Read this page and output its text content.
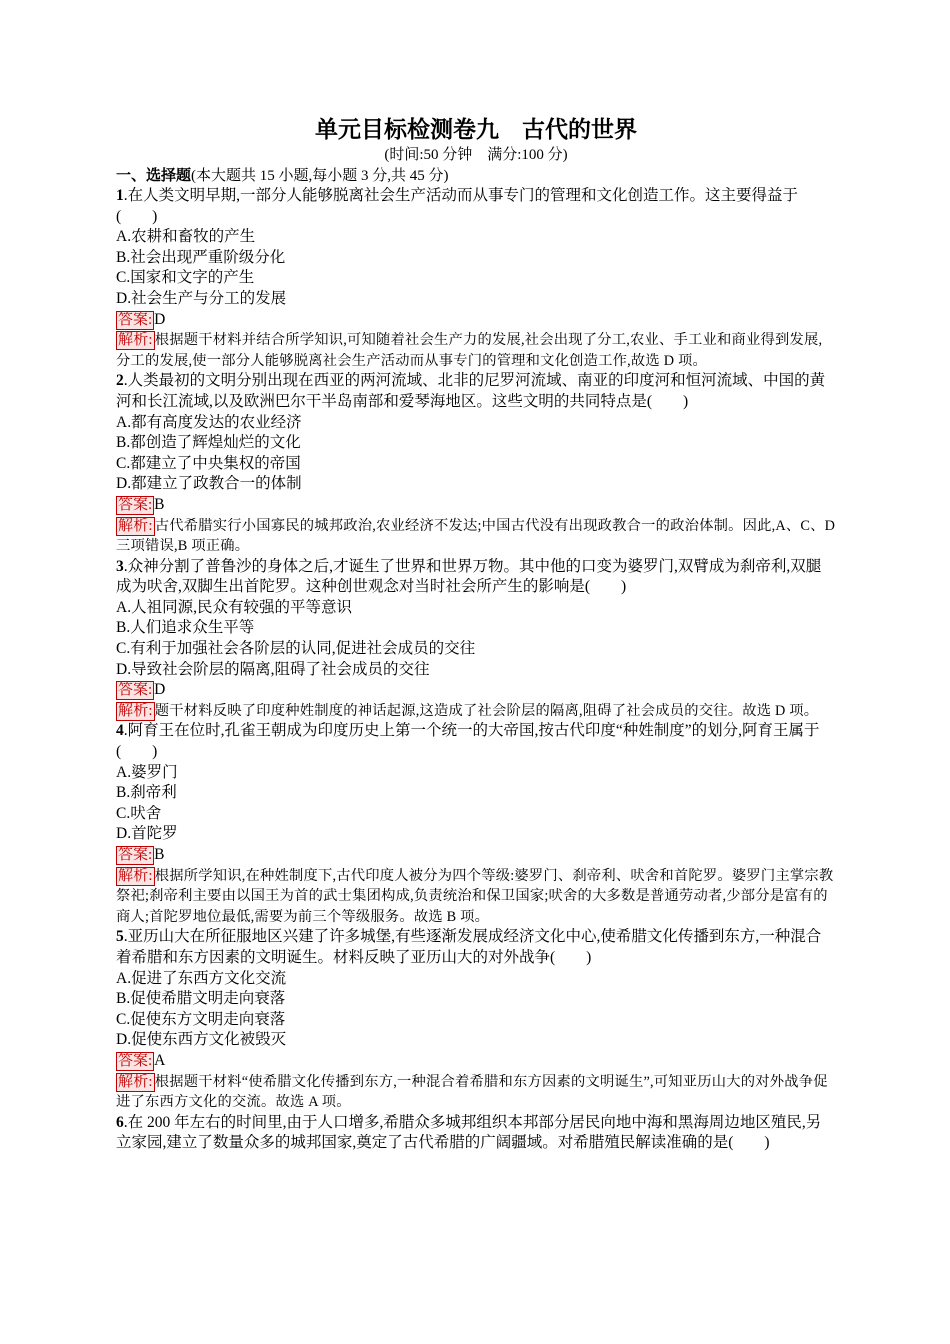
单元目标检测卷九　古代的世界

(时间:50 分钟　满分:100 分)

一、选择题(本大题共 15 小题,每小题 3 分,共 45 分)

1.在人类文明早期,一部分人能够脱离社会生产活动而从事专门的管理和文化创造工作。这主要得益于(　　)

A.农耕和畜牧的产生

B.社会出现严重阶级分化

C.国家和文字的产生

D.社会生产与分工的发展

答案: D

解析: 根据题干材料并结合所学知识,可知随着社会生产力的发展,社会出现了分工,农业、手工业和商业得到发展,分工的发展,使一部分人能够脱离社会生产活动而从事专门的管理和文化创造工作,故选 D 项。

2.人类最初的文明分别出现在西亚的两河流域、北非的尼罗河流域、南亚的印度河和恒河流域、中国的黄河和长江流域,以及欧洲巴尔干半岛南部和爱琴海地区。这些文明的共同特点是(　　)

A.都有高度发达的农业经济

B.都创造了辉煌灿烂的文化

C.都建立了中央集权的帝国

D.都建立了政教合一的体制

答案: B

解析: 古代希腊实行小国寡民的城邦政治,农业经济不发达;中国古代没有出现政教合一的政治体制。因此,A、C、D 三项错误,B 项正确。

3.众神分割了普鲁沙的身体之后,才诞生了世界和世界万物。其中他的口变为婆罗门,双臂成为刹帝利,双腿成为吠舍,双脚生出首陀罗。这种创世观念对当时社会所产生的影响是(　　)

A.人祖同源,民众有较强的平等意识

B.人们追求众生平等

C.有利于加强社会各阶层的认同,促进社会成员的交往

D.导致社会阶层的隔离,阻碍了社会成员的交往

答案: D

解析: 题干材料反映了印度种姓制度的神话起源,这造成了社会阶层的隔离,阻碍了社会成员的交往。故选 D 项。

4.阿育王在位时,孔雀王朝成为印度历史上第一个统一的大帝国,按古代印度“种姓制度”的划分,阿育王属于(　　)

A.婆罗门

B.刹帝利

C.吠舍

D.首陀罗

答案: B

解析: 根据所学知识,在种姓制度下,古代印度人被分为四个等级:婆罗门、刹帝利、吠舍和首陀罗。婆罗门主掌宗教祭祀;刹帝利主要由以国王为首的武士集团构成,负责统治和保卫国家;吠舍的大多数是普通劳动者,少部分是富有的商人;首陀罗地位最低,需要为前三个等级服务。故选 B 项。

5.亚历山大在所征服地区兴建了许多城堡,有些逐渐发展成经济文化中心,使希腊文化传播到东方,一种混合着希腊和东方因素的文明诞生。材料反映了亚历山大的对外战争(　　)

A.促进了东西方文化交流

B.促使希腊文明走向衰落

C.促使东方文明走向衰落

D.促使东西方文化被毁灭

答案: A

解析: 根据题干材料“使希腊文化传播到东方,一种混合着希腊和东方因素的文明诞生”,可知亚历山大的对外战争促进了东西方文化的交流。故选 A 项。

6.在 200 年左右的时间里,由于人口增多,希腊众多城邦组织本邦部分居民向地中海和黑海周边地区殖民,另立家园,建立了数量众多的城邦国家,奠定了古代希腊的广阔疆域。对希腊殖民解读准确的是(　　)
